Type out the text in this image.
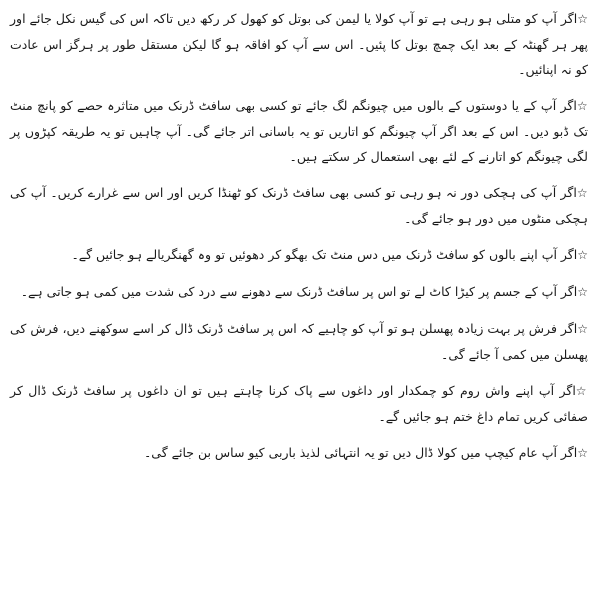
☆اگر آپ کو متلی ہو رہی ہے تو آپ کولا یا لیمن کی بوتل کو کھول کر رکھ دیں تاکہ اس کی گیس نکل جائے اور پھر ہر گھنٹہ کے بعد ایک چمچ بوتل کا پئیں۔ اس سے آپ کو افاقہ ہو گا لیکن مستقل طور پر ہرگز اس عادت کو نہ اپنائیں۔

☆اگر آپ کے یا دوستوں کے بالوں میں چیونگم لگ جائے تو کسی بھی سافٹ ڈرنک میں متاثرہ حصے کو پانچ منٹ تک ڈبو دیں۔ اس کے بعد اگر آپ چیونگم کو اتاریں تو یہ باسانی اتر جائے گی۔ آپ چاہیں تو یہ طریقہ کپڑوں پر لگی چیونگم کو اتارنے کے لئے بھی استعمال کر سکتے ہیں۔

☆اگر آپ کی ہچکی دور نہ ہو رہی تو کسی بھی سافٹ ڈرنک کو ٹھنڈا کریں اور اس سے غرارے کریں۔ آپ کی ہچکی منٹوں میں دور ہو جائے گی۔

☆اگر آپ اپنے بالوں کو سافٹ ڈرنک میں دس منٹ تک بھگو کر دھوئیں تو وہ گھنگریالے ہو جائیں گے۔

☆اگر آپ کے جسم پر کیڑا کاٹ لے تو اس پر سافٹ ڈرنک سے دھونے سے درد کی شدت میں کمی ہو جاتی ہے۔

☆اگر فرش پر بہت زیادہ پھسلن ہو تو آپ کو چاہیے کہ اس پر سافٹ ڈرنک ڈال کر اسے سوکھنے دیں، فرش کی پھسلن میں کمی آ جائے گی۔

☆اگر آپ اپنے واش روم کو چمکدار اور داغوں سے پاک کرنا چاہتے ہیں تو ان داغوں پر سافٹ ڈرنک ڈال کر صفائی کریں تمام داغ ختم ہو جائیں گے۔

☆اگر آپ عام کیچپ میں کولا ڈال دیں تو یہ انتہائی لذیذ باربی کیو ساس بن جائے گی۔
